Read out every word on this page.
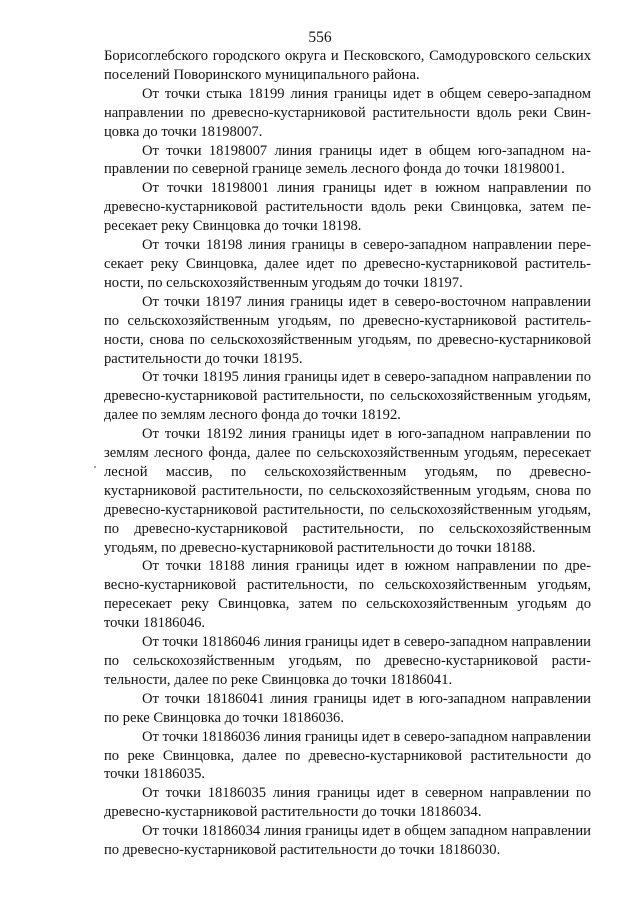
556

Борисоглебского городского округа и Песковского, Самодуровского сельских поселений Поворинского муниципального района.

От точки стыка 18199 линия границы идет в общем северо-западном направлении по древесно-кустарниковой растительности вдоль реки Свинцовка до точки 18198007.

От точки 18198007 линия границы идет в общем юго-западном направлении по северной границе земель лесного фонда до точки 18198001.

От точки 18198001 линия границы идет в южном направлении по древесно-кустарниковой растительности вдоль реки Свинцовка, затем пересекает реку Свинцовка до точки 18198.

От точки 18198 линия границы в северо-западном направлении пересекает реку Свинцовка, далее идет по древесно-кустарниковой растительности, по сельскохозяйственным угодьям до точки 18197.

От точки 18197 линия границы идет в северо-восточном направлении по сельскохозяйственным угодьям, по древесно-кустарниковой растительности, снова по сельскохозяйственным угодьям, по древесно-кустарниковой растительности до точки 18195.

От точки 18195 линия границы идет в северо-западном направлении по древесно-кустарниковой растительности, по сельскохозяйственным угодьям, далее по землям лесного фонда до точки 18192.

От точки 18192 линия границы идет в юго-западном направлении по землям лесного фонда, далее по сельскохозяйственным угодьям, пересекает лесной массив, по сельскохозяйственным угодьям, по древесно-кустарниковой растительности, по сельскохозяйственным угодьям, снова по древесно-кустарниковой растительности, по сельскохозяйственным угодьям, по древесно-кустарниковой растительности, по сельскохозяйственным угодьям, по древесно-кустарниковой растительности до точки 18188.

От точки 18188 линия границы идет в южном направлении по древесно-кустарниковой растительности, по сельскохозяйственным угодьям, пересекает реку Свинцовка, затем по сельскохозяйственным угодьям до точки 18186046.

От точки 18186046 линия границы идет в северо-западном направлении по сельскохозяйственным угодьям, по древесно-кустарниковой растительности, далее по реке Свинцовка до точки 18186041.

От точки 18186041 линия границы идет в юго-западном направлении по реке Свинцовка до точки 18186036.

От точки 18186036 линия границы идет в северо-западном направлении по реке Свинцовка, далее по древесно-кустарниковой растительности до точки 18186035.

От точки 18186035 линия границы идет в северном направлении по древесно-кустарниковой растительности до точки 18186034.

От точки 18186034 линия границы идет в общем западном направлении по древесно-кустарниковой растительности до точки 18186030.
